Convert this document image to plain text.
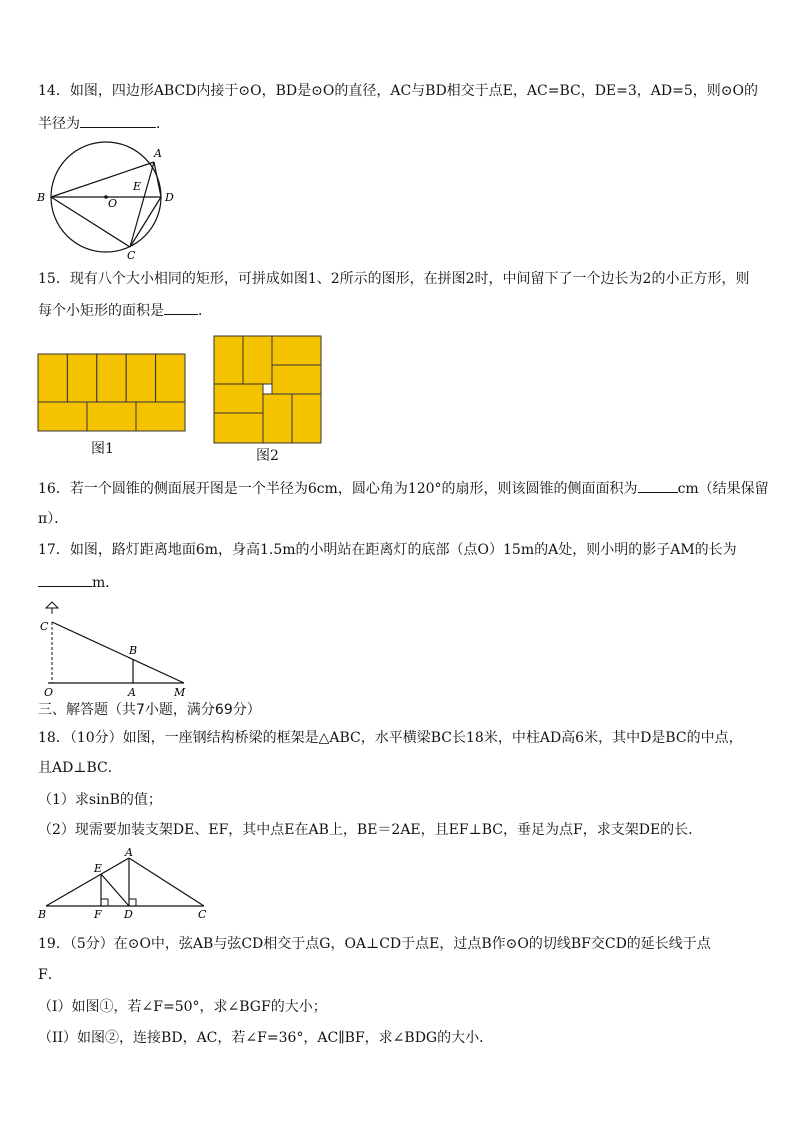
14．如图，四边形ABCD内接于⊙O，BD是⊙O的直径，AC与BD相交于点E，AC=BC，DE=3，AD=5，则⊙O的
半径为	．
A
B
C
D
E
O
15．现有八个大小相同的矩形，可拼成如图1、2所示的图形，在拼图2时，中间留下了一个边长为2的小正方形，则
每个小矩形的面积是 ．
图1	图2
16．若一个圆锥的侧面展开图是一个半径为6cm，圆心角为120°的扇形，则该圆锥的侧面面积为	cm（结果保留
π）．
17．如图，路灯距离地面6m，身高1.5m的小明站在距离灯的底部（点O）15m的A处，则小明的影子AM的长为
m．
C
B
O	A	M
三、解答题（共7小题，满分69分）
18．（10分）如图，一座钢结构桥梁的框架是△ABC，水平横梁BC长18米，中柱AD高6米，其中D是BC的中点，
且AD⊥BC．
（1）求sinB的值；
（2）现需要加装支架DE、EF，其中点E在AB上，BE＝2AE，且EF⊥BC，垂足为点F，求支架DE的长．
A
B	C
D
E
F
19．（5分）在⊙O中，弦AB与弦CD相交于点G，OA⊥CD于点E，过点B作⊙O的切线BF交CD的延长线于点
F．
（I）如图①，若∠F=50°，求∠BGF的大小；
（II）如图②，连接BD，AC，若∠F=36°，AC∥BF，求∠BDG的大小．
